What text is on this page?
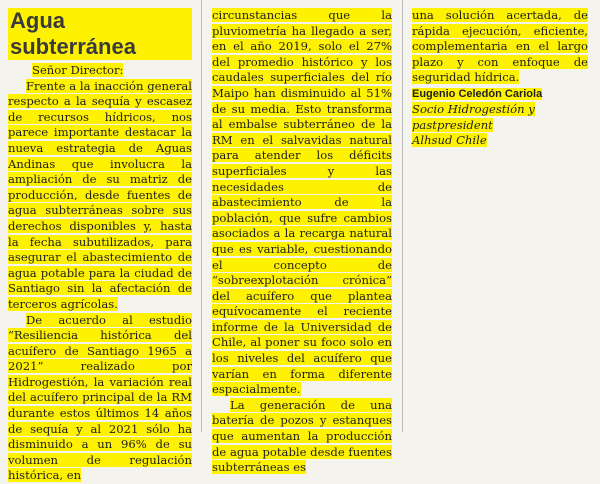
Agua subterránea

Señor Director:

Frente a la inacción general respecto a la sequía y escasez de recursos hídricos, nos parece importante destacar la nueva estrategia de Aguas Andinas que involucra la ampliación de su matriz de producción, desde fuentes de agua subterráneas sobre sus derechos disponibles y, hasta la fecha subutilizados, para asegurar el abastecimiento de agua potable para la ciudad de Santiago sin la afectación de terceros agrícolas.

De acuerdo al estudio “Resiliencia histórica del acuífero de Santiago 1965 a 2021” realizado por Hidrogestión, la variación real del acuífero principal de la RM durante estos últimos 14 años de sequía y al 2021 sólo ha disminuido a un 96% de su volumen de regulación histórica, en

circunstancias que la pluviometría ha llegado a ser, en el año 2019, solo el 27% del promedio histórico y los caudales superficiales del río Maipo han disminuido al 51% de su media. Esto transforma al embalse subterráneo de la RM en el salvavidas natural para atender los déficits superficiales y las necesidades de abastecimiento de la población, que sufre cambios asociados a la recarga natural que es variable, cuestionando el concepto de “sobreexplotación crónica” del acuífero que plantea equívocamente el reciente informe de la Universidad de Chile, al poner su foco solo en los niveles del acuífero que varían en forma diferente espacialmente.

La generación de una batería de pozos y estanques que aumentan la producción de agua potable desde fuentes subterráneas es

una solución acertada, de rápida ejecución, eficiente, complementaria en el largo plazo y con enfoque de seguridad hídrica.

Eugenio Celedón Cariola

Socio Hidrogestión y pastpresident
Alhsud Chile
